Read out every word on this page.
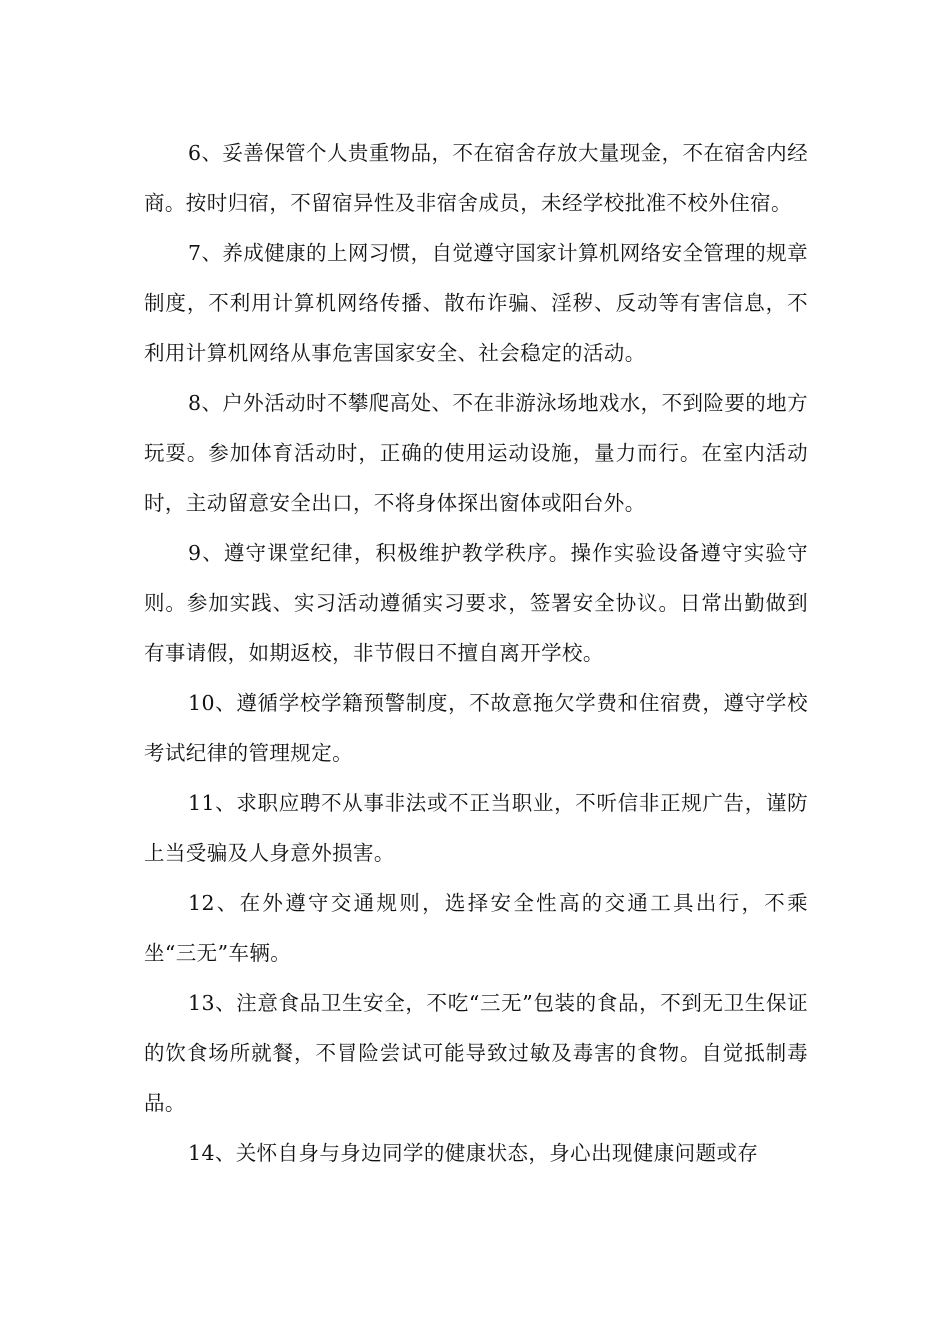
6、妥善保管个人贵重物品，不在宿舍存放大量现金，不在宿舍内经商。按时归宿，不留宿异性及非宿舍成员，未经学校批准不校外住宿。

7、养成健康的上网习惯，自觉遵守国家计算机网络安全管理的规章制度，不利用计算机网络传播、散布诈骗、淫秽、反动等有害信息，不利用计算机网络从事危害国家安全、社会稳定的活动。

8、户外活动时不攀爬高处、不在非游泳场地戏水，不到险要的地方玩耍。参加体育活动时，正确的使用运动设施，量力而行。在室内活动时，主动留意安全出口，不将身体探出窗体或阳台外。

9、遵守课堂纪律，积极维护教学秩序。操作实验设备遵守实验守则。参加实践、实习活动遵循实习要求，签署安全协议。日常出勤做到有事请假，如期返校，非节假日不擅自离开学校。

10、遵循学校学籍预警制度，不故意拖欠学费和住宿费，遵守学校考试纪律的管理规定。

11、求职应聘不从事非法或不正当职业，不听信非正规广告，谨防上当受骗及人身意外损害。

12、在外遵守交通规则，选择安全性高的交通工具出行，不乘坐“三无”车辆。

13、注意食品卫生安全，不吃“三无”包装的食品，不到无卫生保证的饮食场所就餐，不冒险尝试可能导致过敏及毒害的食物。自觉抵制毒品。

14、关怀自身与身边同学的健康状态，身心出现健康问题或存
